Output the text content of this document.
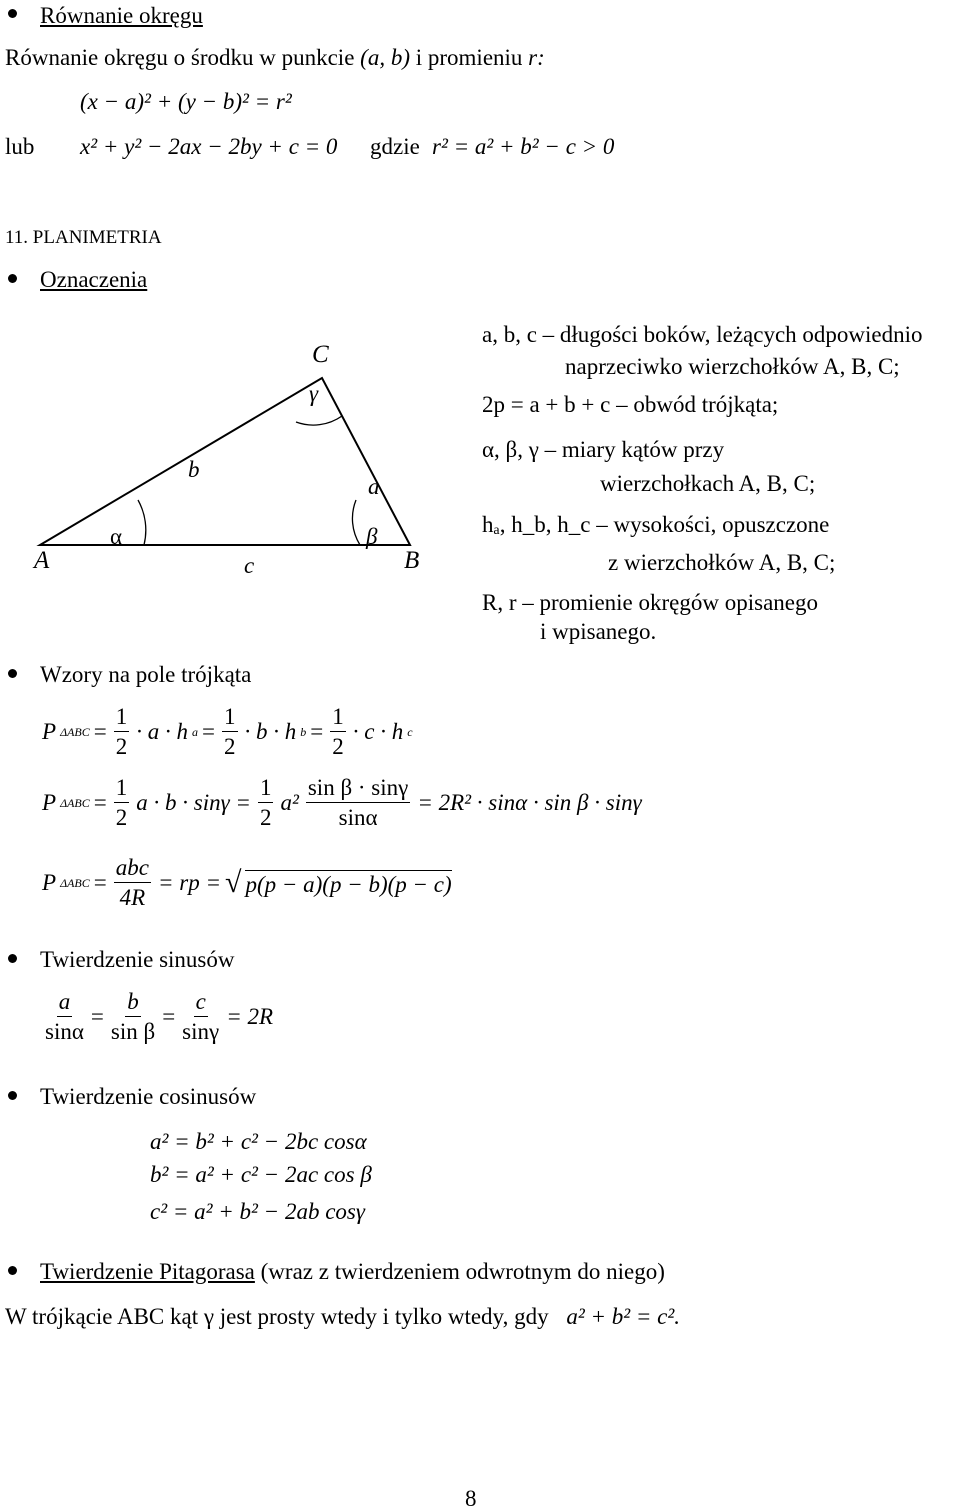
Równanie okręgu
Równanie okręgu o środku w punkcie (a, b) i promieniu r:
(x − a)² + (y − b)² = r²
lub x² + y² − 2ax − 2by + c = 0 gdzie r² = a² + b² − c > 0
11. PLANIMETRIA
Oznaczenia
C
γ
b
a
α	β
c
A	B
a, b, c – długości boków, leżących odpowiednio
naprzeciwko wierzchołków A, B, C;
2p = a + b + c – obwód trójkąta;
α, β, γ – miary kątów przy
wierzchołkach A, B, C;
hₐ, h_b, h_c – wysokości, opuszczone
z wierzchołków A, B, C;
R, r – promienie okręgów opisanego
i wpisanego.
Wzory na pole trójkąta
P $\Delta ABC = \frac{1}{2} \cdot a \cdot h$ $a = \frac{1}{2} \cdot b \cdot h$ $b = \frac{1}{2} \cdot c \cdot h$ c
P $\Delta ABC = \frac{1}{2}$ $a \cdot b \cdot \sin\gamma = \frac{1}{2} a^2 \frac{\text{sin β · sinγ}}{\sin\alpha} = 2R^2 \cdot \sin\alpha \cdot \sin \beta \cdot \sin\gamma$
P ΔABC =
abc
4R
= rp = √ p(p − a)(p − b)(p − c)
Twierdzenie sinusów
$\frac{a}{\sin\alpha} = \frac{b}{\text{sin β}} = \frac{c}{\sin\gamma} = 2R$
Twierdzenie cosinusów
a² = b² + c² − 2bc cosα
b² = a² + c² − 2ac cos β
c² = a² + b² − 2ab cosγ
Twierdzenie Pitagorasa (wraz z twierdzeniem odwrotnym do niego)
W trójkącie ABC kąt γ jest prosty wtedy i tylko wtedy, gdy a² + b² = c².
8
